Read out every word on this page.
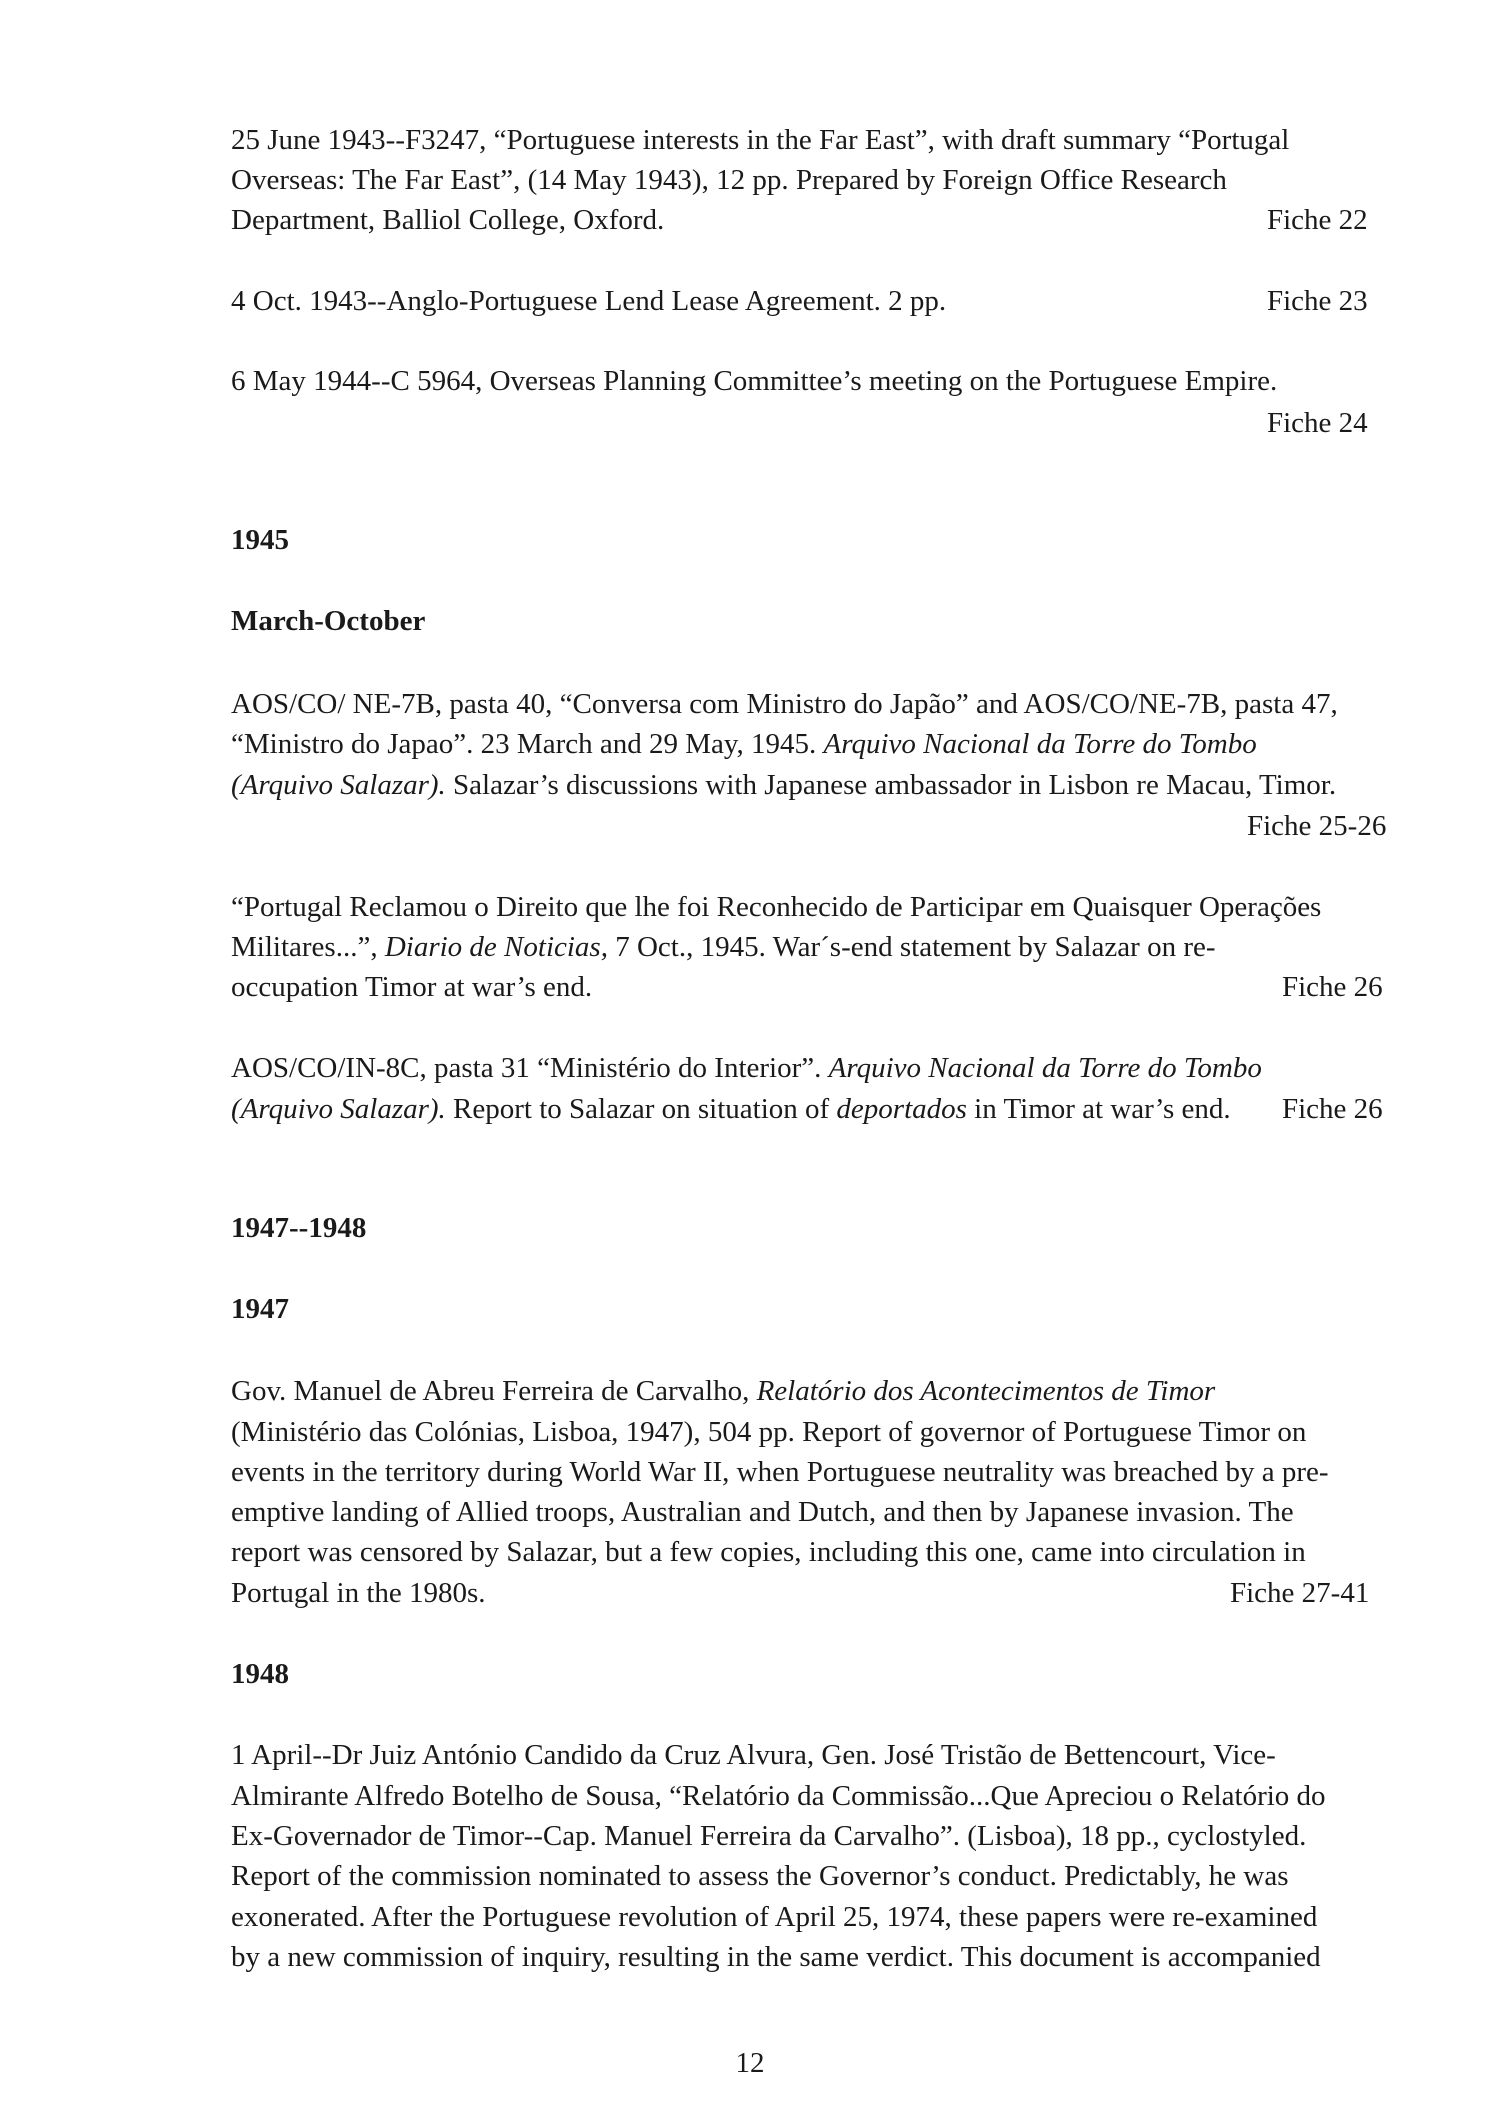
25 June 1943--F3247, “Portuguese interests in the Far East”, with draft summary “Portugal
Overseas: The Far East”, (14 May 1943), 12 pp. Prepared by Foreign Office Research
Department, Balliol College, Oxford.	Fiche 22
4 Oct. 1943--Anglo-Portuguese Lend Lease Agreement. 2 pp.	Fiche 23
6 May 1944--C 5964, Overseas Planning Committee’s meeting on the Portuguese Empire.
Fiche 24
1945
March-October
AOS/CO/ NE-7B, pasta 40, “Conversa com Ministro do Japão” and AOS/CO/NE-7B, pasta 47,
“Ministro do Japao”. 23 March and 29 May, 1945. Arquivo Nacional da Torre do Tombo
(Arquivo Salazar). Salazar’s discussions with Japanese ambassador in Lisbon re Macau, Timor.
Fiche 25-26
“Portugal Reclamou o Direito que lhe foi Reconhecido de Participar em Quaisquer Operações
Militares...”, Diario de Noticias, 7 Oct., 1945. War´s-end statement by Salazar on re-
occupation Timor at war’s end.	Fiche 26
AOS/CO/IN-8C, pasta 31 “Ministério do Interior”. Arquivo Nacional da Torre do Tombo
(Arquivo Salazar). Report to Salazar on situation of deportados in Timor at war’s end.	Fiche 26
1947--1948
1947
Gov. Manuel de Abreu Ferreira de Carvalho, Relatório dos Acontecimentos de Timor
(Ministério das Colónias, Lisboa, 1947), 504 pp. Report of governor of Portuguese Timor on
events in the territory during World War II, when Portuguese neutrality was breached by a pre-
emptive landing of Allied troops, Australian and Dutch, and then by Japanese invasion. The
report was censored by Salazar, but a few copies, including this one, came into circulation in
Portugal in the 1980s.	Fiche 27-41
1948
1 April--Dr Juiz António Candido da Cruz Alvura, Gen. José Tristão de Bettencourt, Vice-
Almirante Alfredo Botelho de Sousa, “Relatório da Commissão...Que Apreciou o Relatório do
Ex-Governador de Timor--Cap. Manuel Ferreira da Carvalho”. (Lisboa), 18 pp., cyclostyled.
Report of the commission nominated to assess the Governor’s conduct. Predictably, he was
exonerated. After the Portuguese revolution of April 25, 1974, these papers were re-examined
by a new commission of inquiry, resulting in the same verdict. This document is accompanied
12
